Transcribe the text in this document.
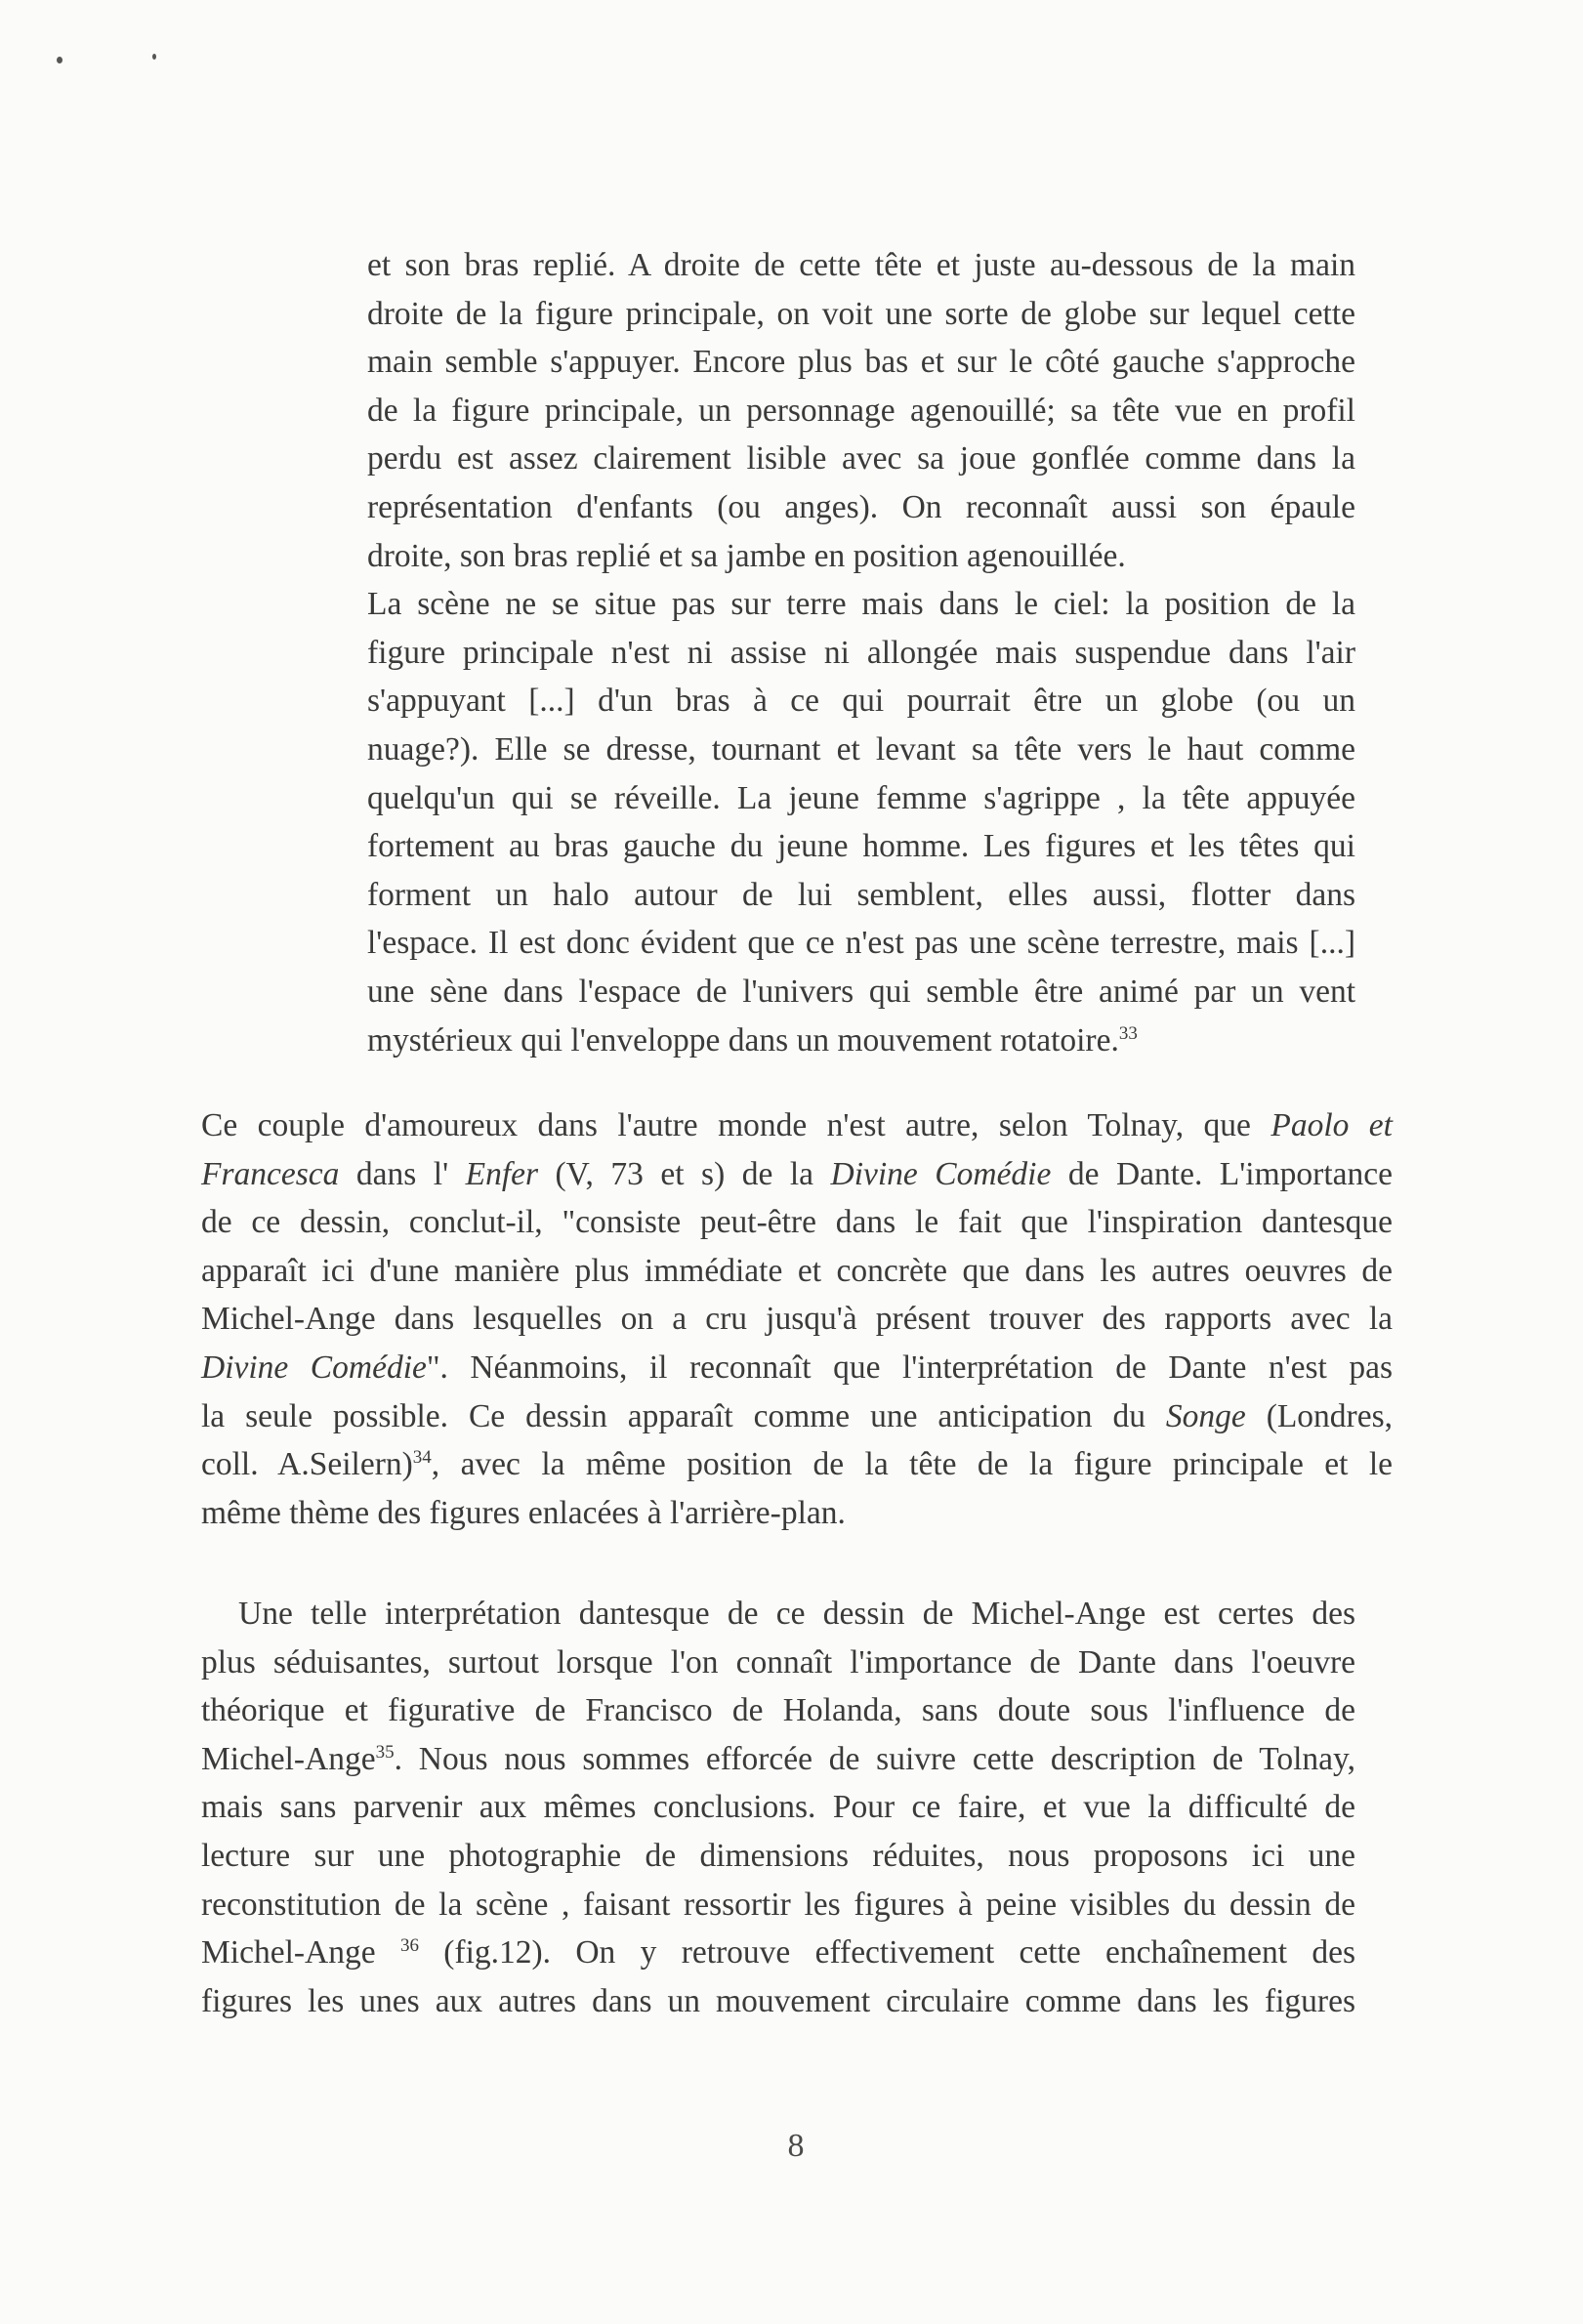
et son bras replié. A droite de cette tête et juste au-dessous de la main
droite de la figure principale, on voit une sorte de globe sur lequel cette
main semble s'appuyer. Encore plus bas et sur le côté gauche s'approche
de la figure principale, un personnage agenouillé; sa tête vue en profil
perdu est assez clairement lisible avec sa joue gonflée comme dans la
représentation d'enfants (ou anges). On reconnaît aussi son épaule
droite, son bras replié et sa jambe en position agenouillée.
La scène ne se situe pas sur terre mais dans le ciel: la position de la
figure principale n'est ni assise ni allongée mais suspendue dans l'air
s'appuyant [...] d'un bras à ce qui pourrait être un globe (ou un
nuage?). Elle se dresse, tournant et levant sa tête vers le haut comme
quelqu'un qui se réveille. La jeune femme s'agrippe , la tête appuyée
fortement au bras gauche du jeune homme. Les figures et les têtes qui
forment un halo autour de lui semblent, elles aussi, flotter dans
l'espace. Il est donc évident que ce n'est pas une scène terrestre, mais [...]
une sène dans l'espace de l'univers qui semble être animé par un vent
mystérieux qui l'enveloppe dans un mouvement rotatoire.$^{33}$
Ce couple d'amoureux dans l'autre monde n'est autre, selon Tolnay, que Paolo et
Francesca dans l' Enfer (V, 73 et s) de la Divine Comédie de Dante. L'importance
de ce dessin, conclut-il, "consiste peut-être dans le fait que l'inspiration dantesque
apparaît ici d'une manière plus immédiate et concrète que dans les autres oeuvres de
Michel-Ange dans lesquelles on a cru jusqu'à présent trouver des rapports avec la
Divine Comédie". Néanmoins, il reconnaît que l'interprétation de Dante n'est pas
la seule possible. Ce dessin apparaît comme une anticipation du Songe (Londres,
coll. A.Seilern)$^{34}$, avec la même position de la tête de la figure principale et le
même thème des figures enlacées à l'arrière-plan.
Une telle interprétation dantesque de ce dessin de Michel-Ange est certes des
plus séduisantes, surtout lorsque l'on connaît l'importance de Dante dans l'oeuvre
théorique et figurative de Francisco de Holanda, sans doute sous l'influence de
Michel-Ange$^{35}$. Nous nous sommes efforcée de suivre cette description de Tolnay,
mais sans parvenir aux mêmes conclusions. Pour ce faire, et vue la difficulté de
lecture sur une photographie de dimensions réduites, nous proposons ici une
reconstitution de la scène , faisant ressortir les figures à peine visibles du dessin de
Michel-Ange $^{36}$ (fig.12). On y retrouve effectivement cette enchaînement des
figures les unes aux autres dans un mouvement circulaire comme dans les figures
8
